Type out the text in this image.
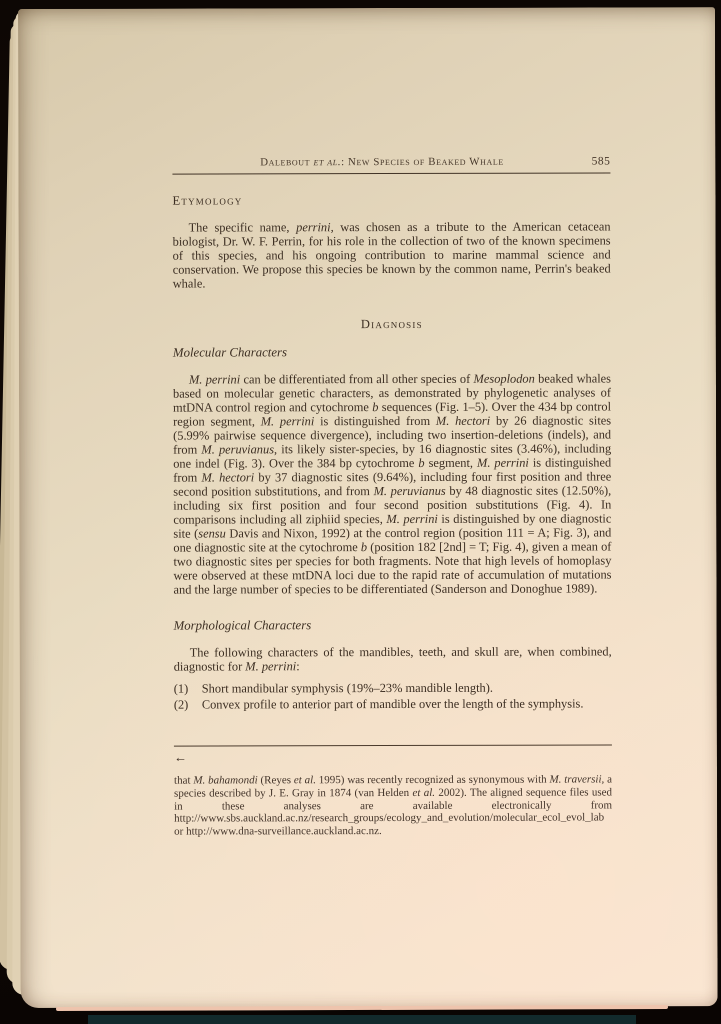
Dalebout et al.: New Species of Beaked Whale	585
Etymology
The specific name, perrini, was chosen as a tribute to the American cetacean biologist, Dr. W. F. Perrin, for his role in the collection of two of the known specimens of this species, and his ongoing contribution to marine mammal science and conservation. We propose this species be known by the common name, Perrin's beaked whale.
Diagnosis
Molecular Characters
M. perrini can be differentiated from all other species of Mesoplodon beaked whales based on molecular genetic characters, as demonstrated by phylogenetic analyses of mtDNA control region and cytochrome b sequences (Fig. 1–5). Over the 434 bp control region segment, M. perrini is distinguished from M. hectori by 26 diagnostic sites (5.99% pairwise sequence divergence), including two insertion-deletions (indels), and from M. peruvianus, its likely sister-species, by 16 diagnostic sites (3.46%), including one indel (Fig. 3). Over the 384 bp cytochrome b segment, M. perrini is distinguished from M. hectori by 37 diagnostic sites (9.64%), including four first position and three second position substitutions, and from M. peruvianus by 48 diagnostic sites (12.50%), including six first position and four second position substitutions (Fig. 4). In comparisons including all ziphiid species, M. perrini is distinguished by one diagnostic site (sensu Davis and Nixon, 1992) at the control region (position 111 = A; Fig. 3), and one diagnostic site at the cytochrome b (position 182 [2nd] = T; Fig. 4), given a mean of two diagnostic sites per species for both fragments. Note that high levels of homoplasy were observed at these mtDNA loci due to the rapid rate of accumulation of mutations and the large number of species to be differentiated (Sanderson and Donoghue 1989).
Morphological Characters
The following characters of the mandibles, teeth, and skull are, when combined, diagnostic for M. perrini:
(1) Short mandibular symphysis (19%–23% mandible length).
(2) Convex profile to anterior part of mandible over the length of the symphysis.
←
that M. bahamondi (Reyes et al. 1995) was recently recognized as synonymous with M. traversii, a species described by J. E. Gray in 1874 (van Helden et al. 2002). The aligned sequence files used in these analyses are available electronically from http://www.sbs.auckland.ac.nz/research_groups/ecology_and_evolution/molecular_ecol_evol_lab or http://www.dna-surveillance.auckland.ac.nz.
